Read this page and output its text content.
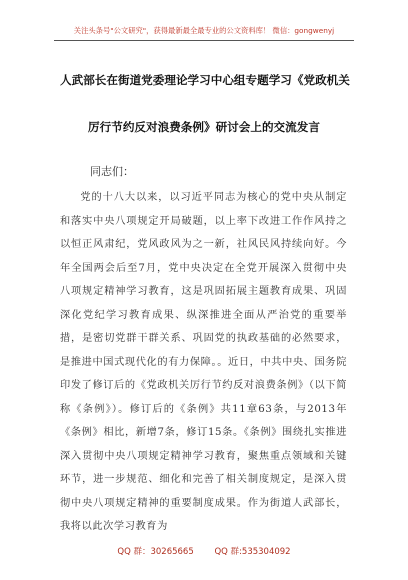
关注头条号"公文研究"，获得最新最全最专业的公文资料库！ 微信：gongwenyj
人武部长在街道党委理论学习中心组专题学习《党政机关
厉行节约反对浪费条例》研讨会上的交流发言
同志们：
党的十八大以来，以习近平同志为核心的党中央从制定和落实中央八项规定开局破题，以上率下改进工作作风持之以恒正风肃纪，党风政风为之一新，社风民风持续向好。今年全国两会后至7月，党中央决定在全党开展深入贯彻中央八项规定精神学习教育，这是巩固拓展主题教育成果、巩固深化党纪学习教育成果、纵深推进全面从严治党的重要举措，是密切党群干群关系、巩固党的执政基础的必然要求，是推进中国式现代化的有力保障。。近日，中共中央、国务院印发了修订后的《党政机关厉行节约反对浪费条例》（以下简称《条例》）。修订后的《条例》共11章63条，与2013年《条例》相比，新增7条，修订15条。《条例》围绕扎实推进深入贯彻中央八项规定精神学习教育，聚焦重点领域和关键环节，进一步规范、细化和完善了相关制度规定，是深入贯彻中央八项规定精神的重要制度成果。作为街道人武部长，我将以此次学习教育为
QQ 群：30265665 QQ 群:535304092
